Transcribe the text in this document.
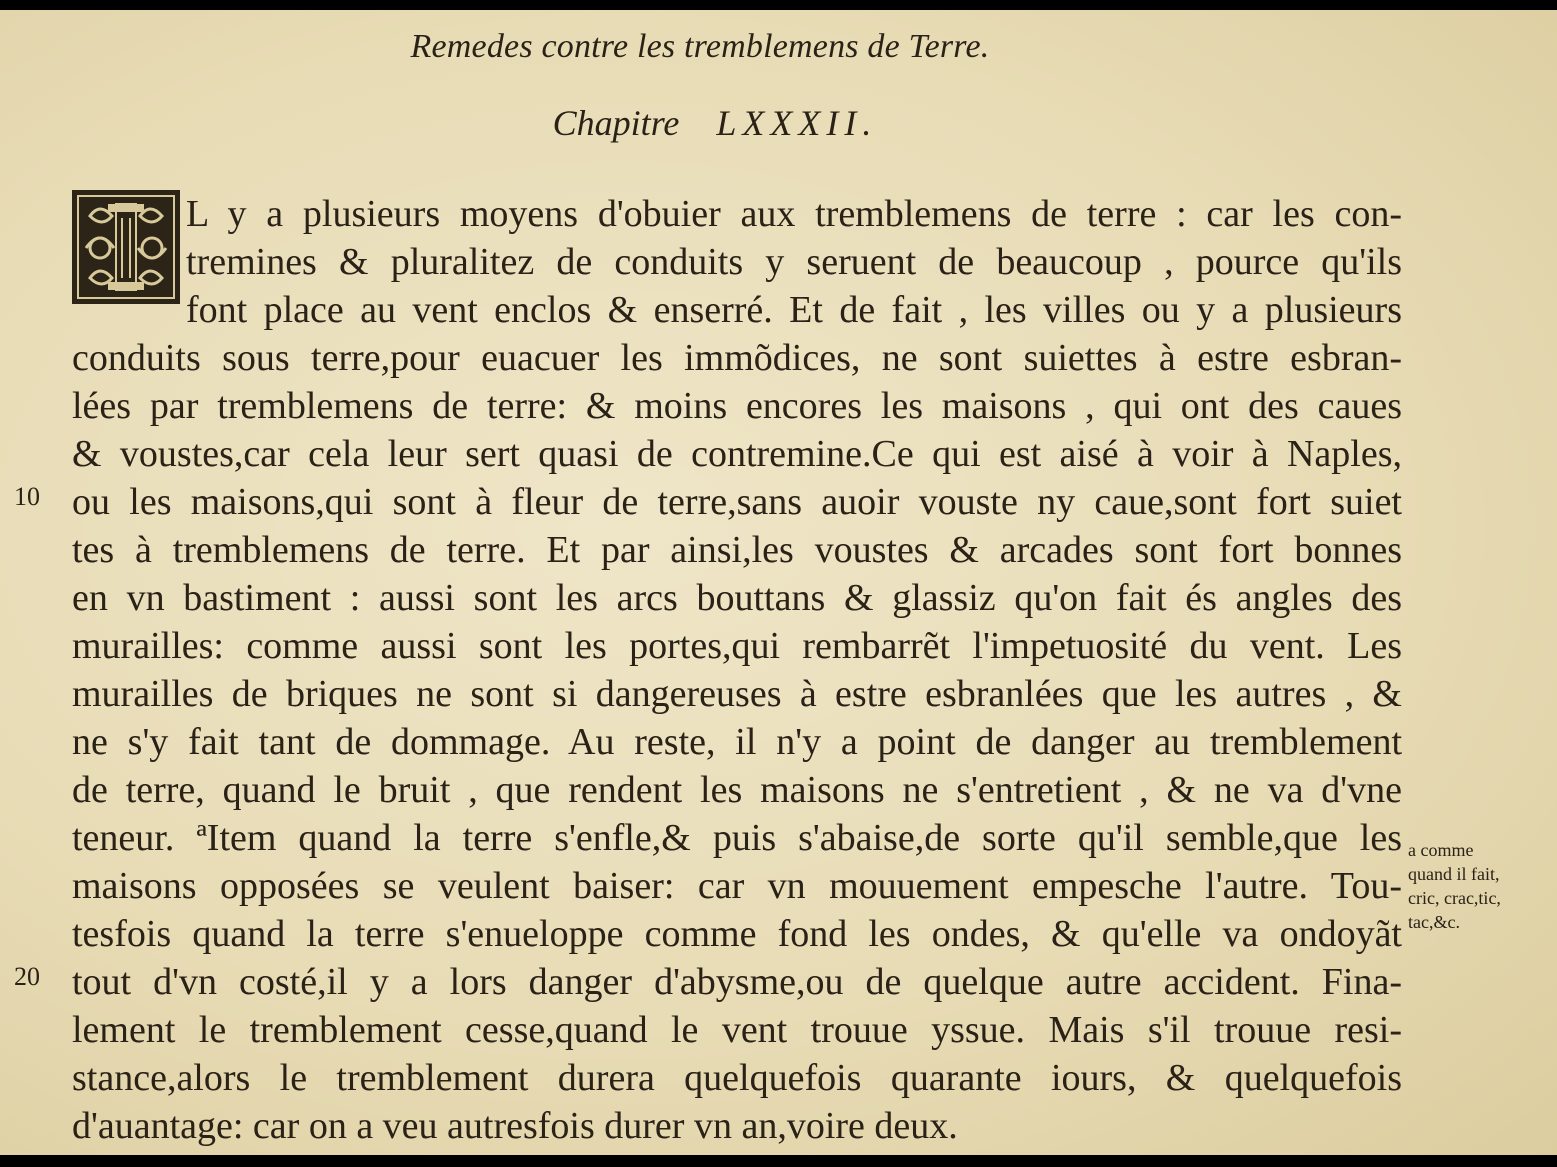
Remedes contre les tremblemens de Terre.
Chapitre LXXXII.
L y a plusieurs moyens d'obuier aux tremblemens de terre : car les con-
tremines & pluralitez de conduits y seruent de beaucoup , pource qu'ils
font place au vent enclos & enserré. Et de fait , les villes ou y a plusieurs
conduits sous terre,pour euacuer les immõdices, ne sont suiettes à estre esbran-
lées par tremblemens de terre: & moins encores les maisons , qui ont des caues
& voustes,car cela leur sert quasi de contremine.Ce qui est aisé à voir à Naples,
ou les maisons,qui sont à fleur de terre,sans auoir vouste ny caue,sont fort suiet
tes à tremblemens de terre. Et par ainsi,les voustes & arcades sont fort bonnes
en vn bastiment : aussi sont les arcs bouttans & glassiz qu'on fait és angles des
murailles: comme aussi sont les portes,qui rembarrẽt l'impetuosité du vent. Les
murailles de briques ne sont si dangereuses à estre esbranlées que les autres , &
ne s'y fait tant de dommage. Au reste, il n'y a point de danger au tremblement
de terre, quand le bruit , que rendent les maisons ne s'entretient , & ne va d'vne
teneur. ªItem quand la terre s'enfle,& puis s'abaise,de sorte qu'il semble,que les
maisons opposées se veulent baiser: car vn mouuement empesche l'autre. Tou-
tesfois quand la terre s'enueloppe comme fond les ondes, & qu'elle va ondoyãt
tout d'vn costé,il y a lors danger d'abysme,ou de quelque autre accident. Fina-
lement le tremblement cesse,quand le vent trouue yssue. Mais s'il trouue resi-
stance,alors le tremblement durera quelquefois quarante iours, & quelquefois
d'auantage: car on a veu autresfois durer vn an,voire deux.
10
20
a comme
quand il fait,
cric, crac,tic,
tac,&c.
